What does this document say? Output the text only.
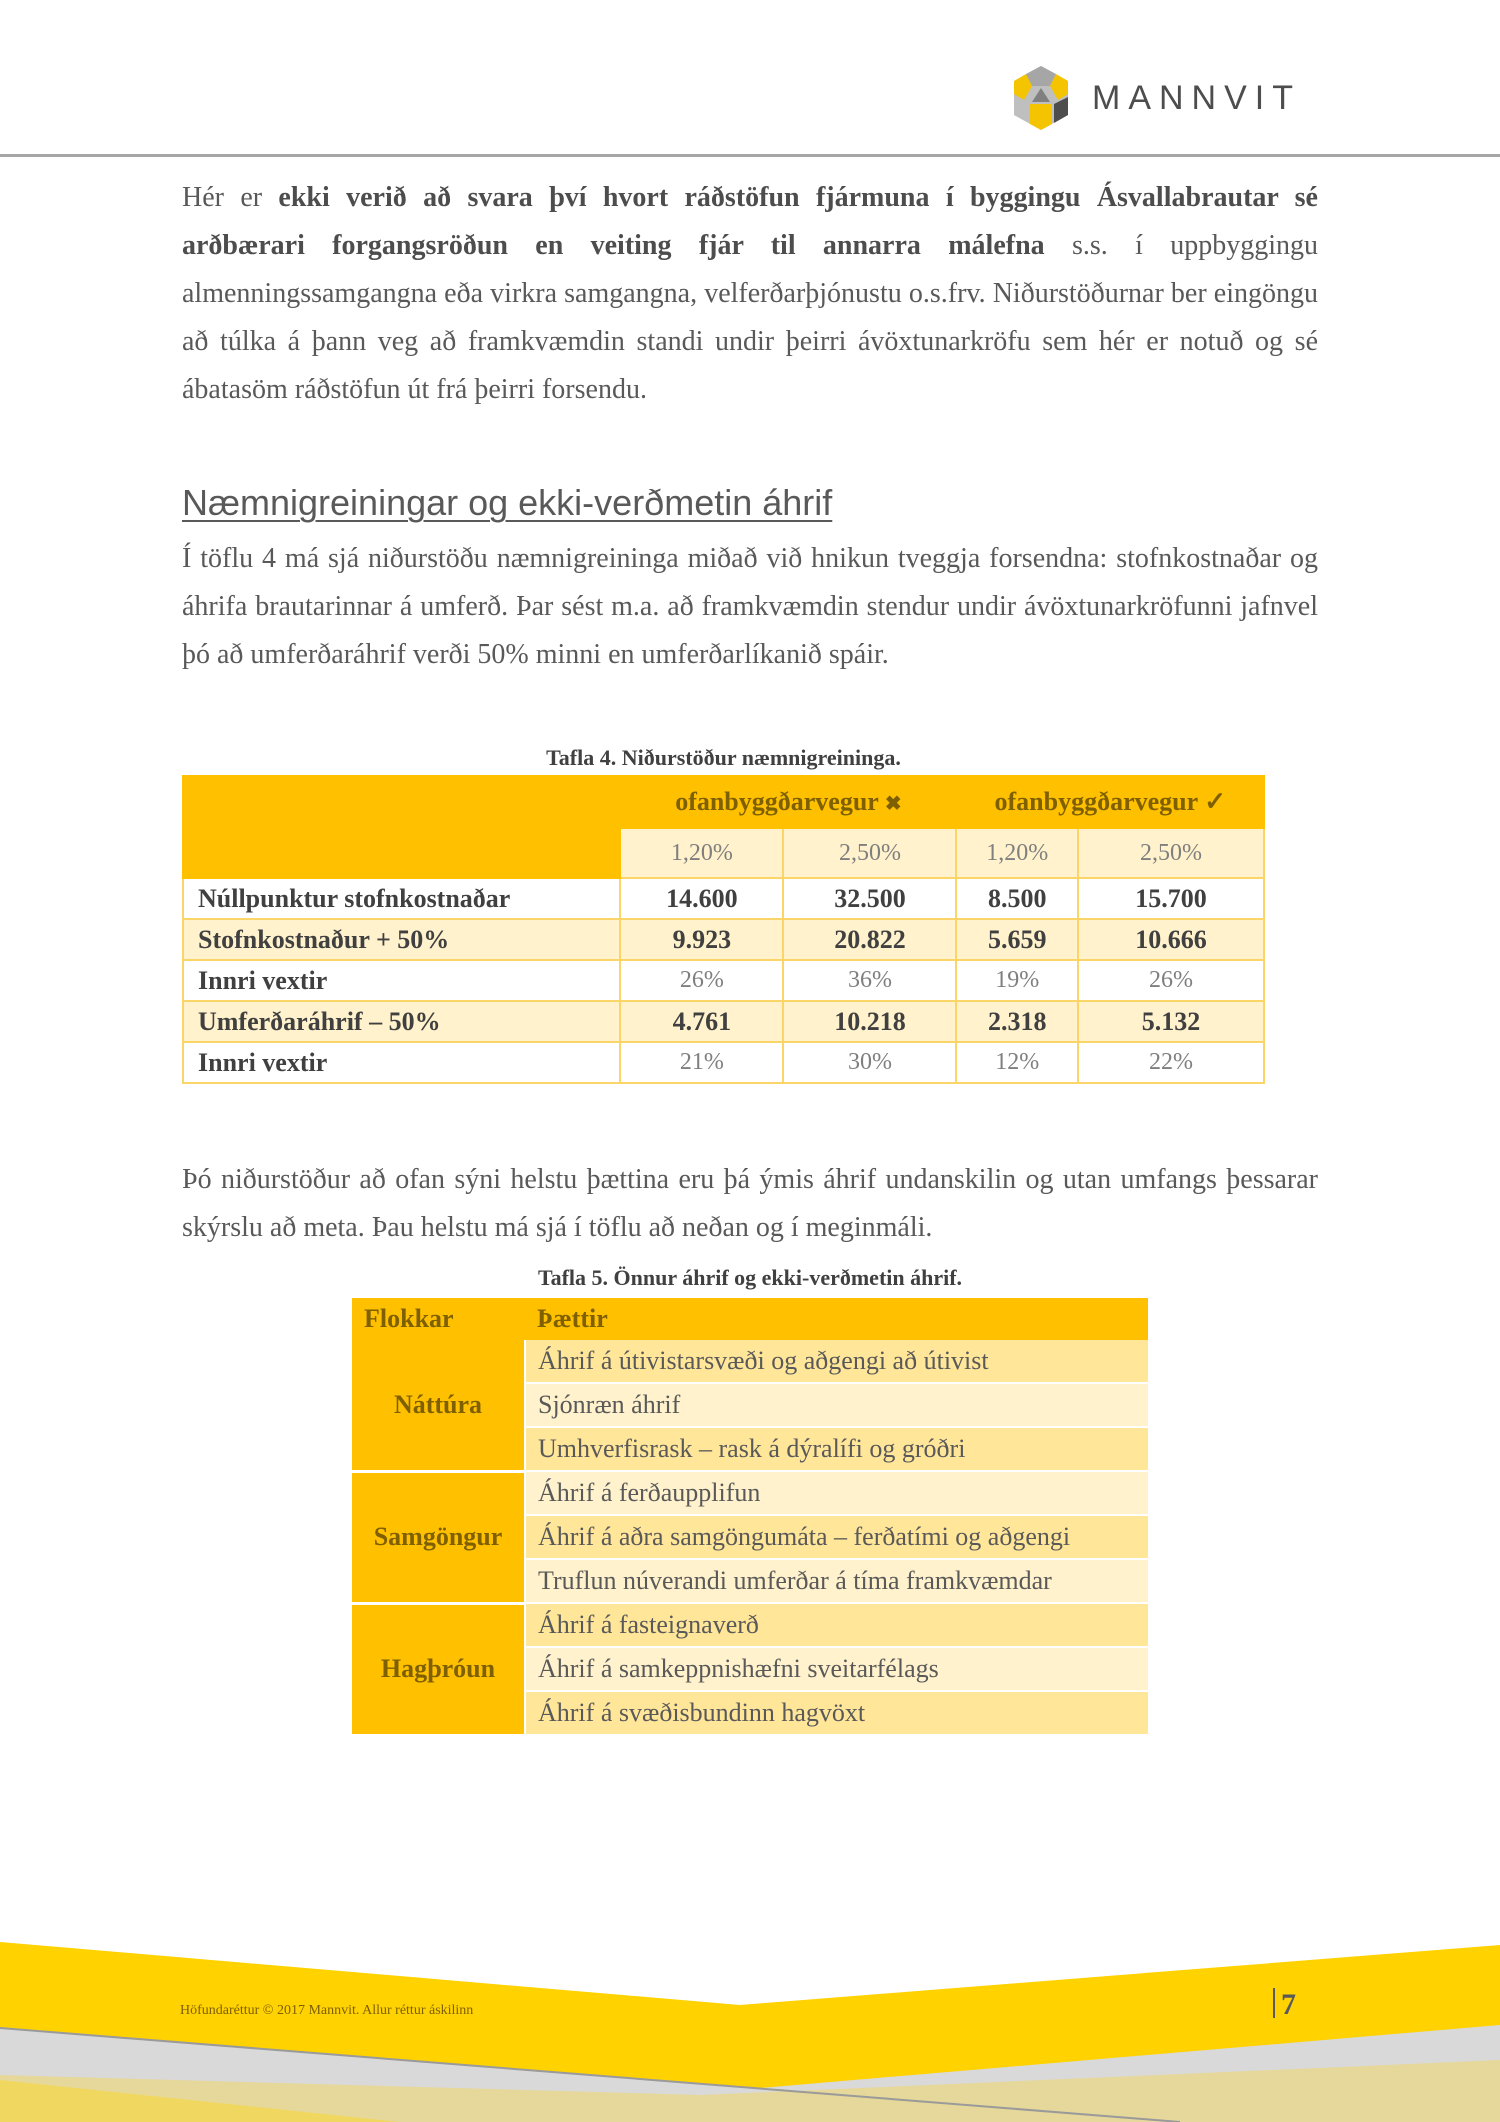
MANNVIT

Hér er ekki verið að svara því hvort ráðstöfun fjármuna í byggingu Ásvallabrautar sé arðbærari forgangsröðun en veiting fjár til annarra málefna s.s. í uppbyggingu almenningssamgangna eða virkra samgangna, velferðarþjónustu o.s.frv. Niðurstöðurnar ber eingöngu að túlka á þann veg að framkvæmdin standi undir þeirri ávöxtunarkröfu sem hér er notuð og sé ábatasöm ráðstöfun út frá þeirri forsendu.

Næmnigreiningar og ekki-verðmetin áhrif

Í töflu 4 má sjá niðurstöðu næmnigreininga miðað við hnikun tveggja forsendna: stofnkostnaðar og áhrifa brautarinnar á umferð. Þar sést m.a. að framkvæmdin stendur undir ávöxtunarkröfunni jafnvel þó að umferðaráhrif verði 50% minni en umferðarlíkanið spáir.

Tafla 4. Niðurstöður næmnigreininga.
	ofanbyggðarvegur ✖		ofanbyggðarvegur ✓	
	1,20%	2,50%	1,20%	2,50%
Núllpunktur stofnkostnaðar	14.600	32.500	8.500	15.700
Stofnkostnaður + 50%	9.923	20.822	5.659	10.666
Innri vextir	26%	36%	19%	26%
Umferðaráhrif – 50%	4.761	10.218	2.318	5.132
Innri vextir	21%	30%	12%	22%

Þó niðurstöður að ofan sýni helstu þættina eru þá ýmis áhrif undanskilin og utan umfangs þessarar skýrslu að meta. Þau helstu má sjá í töflu að neðan og í meginmáli.

Tafla 5. Önnur áhrif og ekki-verðmetin áhrif.
Flokkar	Þættir
Náttúra	Áhrif á útivistarsvæði og aðgengi að útivist
	Sjónræn áhrif
	Umhverfisrask – rask á dýralífi og gróðri
Samgöngur	Áhrif á ferðaupplifun
	Áhrif á aðra samgöngumáta – ferðatími og aðgengi
	Truflun núverandi umferðar á tíma framkvæmdar
Hagþróun	Áhrif á fasteignaverð
	Áhrif á samkeppnishæfni sveitarfélags
	Áhrif á svæðisbundinn hagvöxt
Höfundaréttur © 2017 Mannvit. Allur réttur áskilinn	7
